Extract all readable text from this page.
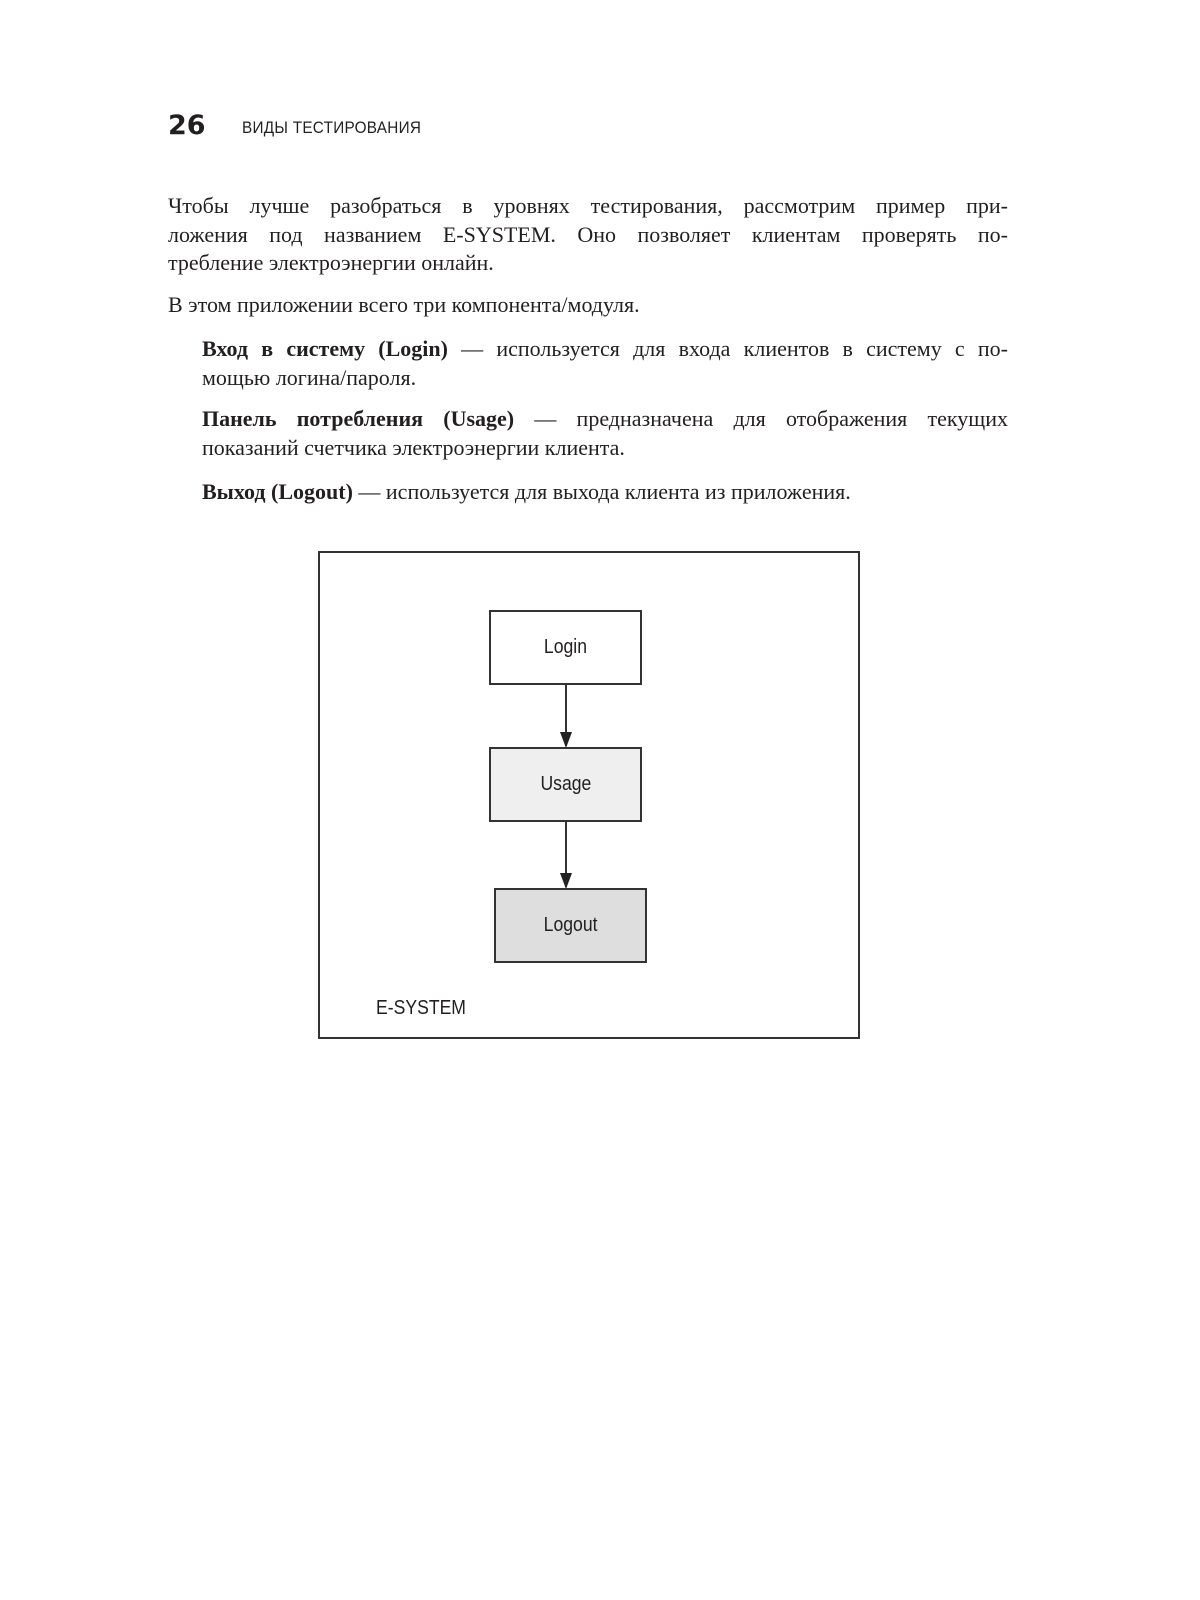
26 ВИДЫ ТЕСТИРОВАНИЯ
Чтобы лучше разобраться в уровнях тестирования, рассмотрим пример при-
ложения под названием E-SYSTEM. Оно позволяет клиентам проверять по-
требление электроэнергии онлайн.
В этом приложении всего три компонента/модуля.
Вход в систему (Login) — используется для входа клиентов в систему с по-
мощью логина/пароля.
Панель потребления (Usage) — предназначена для отображения текущих
показаний счетчика электроэнергии клиента.
Выход (Logout) — используется для выхода клиента из приложения.
Login
Usage
Logout
E-SYSTEM
